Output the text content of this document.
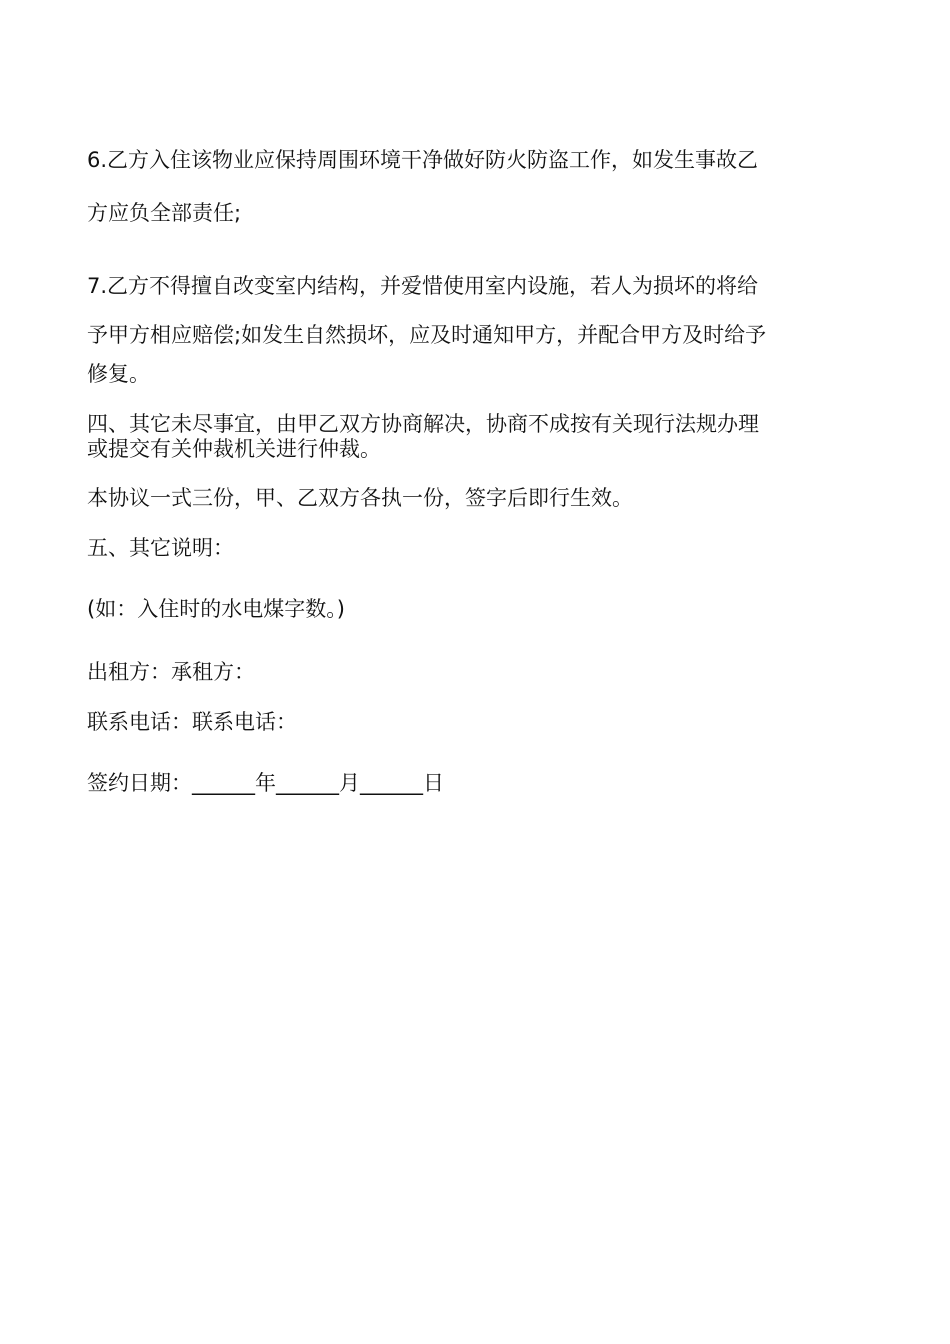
6.乙方入住该物业应保持周围环境干净做好防火防盗工作，如发生事故乙

方应负全部责任;

7.乙方不得擅自改变室内结构，并爱惜使用室内设施，若人为损坏的将给

予甲方相应赔偿;如发生自然损坏，应及时通知甲方，并配合甲方及时给予

修复。

四、其它未尽事宜，由甲乙双方协商解决，协商不成按有关现行法规办理

或提交有关仲裁机关进行仲裁。

本协议一式三份，甲、乙双方各执一份，签字后即行生效。

五、其它说明：

(如：入住时的水电煤字数。)

出租方：承租方：

联系电话：联系电话：

签约日期：______年______月______日
